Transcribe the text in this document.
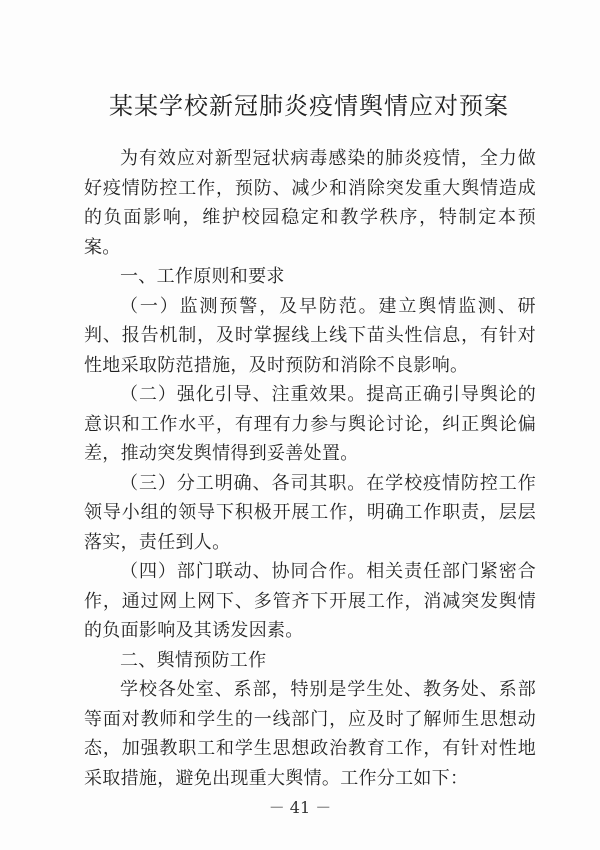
某某学校新冠肺炎疫情舆情应对预案

为有效应对新型冠状病毒感染的肺炎疫情，全力做好疫情防控工作，预防、减少和消除突发重大舆情造成的负面影响，维护校园稳定和教学秩序，特制定本预案。

一、工作原则和要求

（一）监测预警，及早防范。建立舆情监测、研判、报告机制，及时掌握线上线下苗头性信息，有针对性地采取防范措施，及时预防和消除不良影响。

（二）强化引导、注重效果。提高正确引导舆论的意识和工作水平，有理有力参与舆论讨论，纠正舆论偏差，推动突发舆情得到妥善处置。

（三）分工明确、各司其职。在学校疫情防控工作领导小组的领导下积极开展工作，明确工作职责，层层落实，责任到人。

（四）部门联动、协同合作。相关责任部门紧密合作，通过网上网下、多管齐下开展工作，消减突发舆情的负面影响及其诱发因素。

二、舆情预防工作

学校各处室、系部，特别是学生处、教务处、系部等面对教师和学生的一线部门，应及时了解师生思想动态，加强教职工和学生思想政治教育工作，有针对性地采取措施，避免出现重大舆情。工作分工如下：

－ 41 －
